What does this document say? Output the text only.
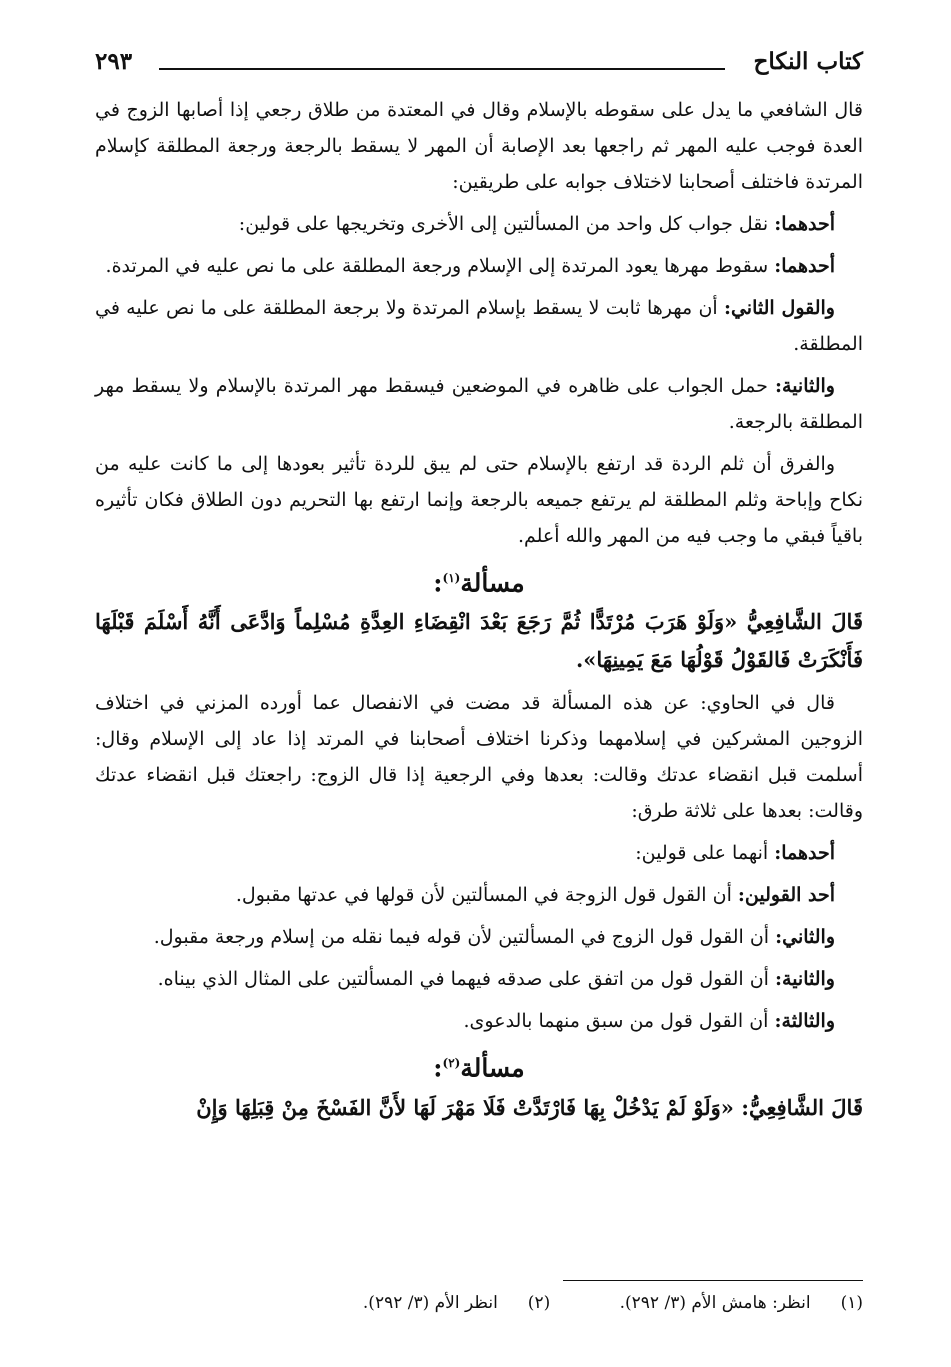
كتاب النكاح
٢٩٣

قال الشافعي ما يدل على سقوطه بالإسلام وقال في المعتدة من طلاق رجعي إذا أصابها الزوج في العدة فوجب عليه المهر ثم راجعها بعد الإصابة أن المهر لا يسقط بالرجعة ورجعة المطلقة كإسلام المرتدة فاختلف أصحابنا لاختلاف جوابه على طريقين:

أحدهما: نقل جواب كل واحد من المسألتين إلى الأخرى وتخريجها على قولين:

أحدهما: سقوط مهرها يعود المرتدة إلى الإسلام ورجعة المطلقة على ما نص عليه في المرتدة.

والقول الثاني: أن مهرها ثابت لا يسقط بإسلام المرتدة ولا برجعة المطلقة على ما نص عليه في المطلقة.

والثانية: حمل الجواب على ظاهره في الموضعين فيسقط مهر المرتدة بالإسلام ولا يسقط مهر المطلقة بالرجعة.

والفرق أن ثلم الردة قد ارتفع بالإسلام حتى لم يبق للردة تأثير بعودها إلى ما كانت عليه من نكاح وإباحة وثلم المطلقة لم يرتفع جميعه بالرجعة وإنما ارتفع بها التحريم دون الطلاق فكان تأثيره باقياً فبقي ما وجب فيه من المهر والله أعلم.

مسألة$^{(١)}$:

قَالَ الشَّافِعِيُّ «وَلَوْ هَرَبَ مُرْتَدًّا ثُمَّ رَجَعَ بَعْدَ انْقِضَاءِ العِدَّةِ مُسْلِماً وَادَّعَى أَنَّهُ أَسْلَمَ قَبْلَهَا فَأَنْكَرَتْ فَالقَوْلُ قَوْلُهَا مَعَ يَمِينِهَا».

قال في الحاوي: عن هذه المسألة قد مضت في الانفصال عما أورده المزني في اختلاف الزوجين المشركين في إسلامهما وذكرنا اختلاف أصحابنا في المرتد إذا عاد إلى الإسلام وقال: أسلمت قبل انقضاء عدتك وقالت: بعدها وفي الرجعية إذا قال الزوج: راجعتك قبل انقضاء عدتك وقالت: بعدها على ثلاثة طرق:

أحدهما: أنهما على قولين:

أحد القولين: أن القول قول الزوجة في المسألتين لأن قولها في عدتها مقبول.

والثاني: أن القول قول الزوج في المسألتين لأن قوله فيما نقله من إسلام ورجعة مقبول.

والثانية: أن القول قول من اتفق على صدقه فيهما في المسألتين على المثال الذي بيناه.

والثالثة: أن القول قول من سبق منهما بالدعوى.

مسألة$^{(٢)}$:

قَالَ الشَّافِعِيُّ: «وَلَوْ لَمْ يَدْخُلْ بِهَا فَارْتَدَّتْ فَلَا مَهْرَ لَهَا لأَنَّ الفَسْخَ مِنْ قِبَلِهَا وَإِنْ

(١)انظر: هامش الأم (٣/ ٢٩٢). (٢)انظر الأم (٣/ ٢٩٢).
